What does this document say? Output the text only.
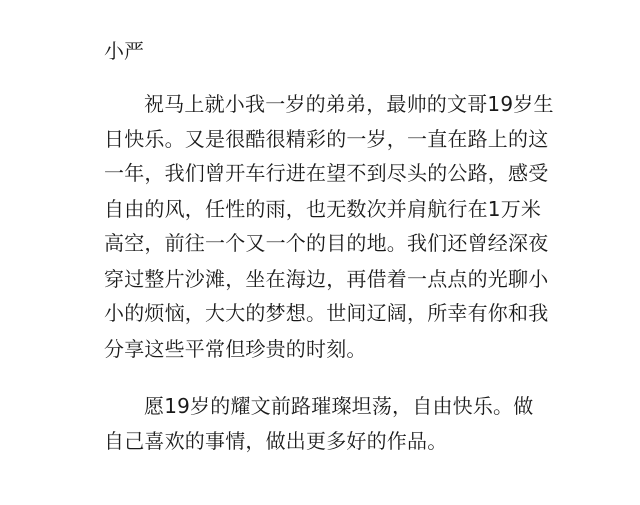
小严
祝马上就小我一岁的弟弟，最帅的文哥19岁生
日快乐。又是很酷很精彩的一岁，一直在路上的这
一年，我们曾开车行进在望不到尽头的公路，感受
自由的风，任性的雨，也无数次并肩航行在1万米
高空，前往一个又一个的目的地。我们还曾经深夜
穿过整片沙滩，坐在海边，再借着一点点的光聊小
小的烦恼，大大的梦想。世间辽阔，所幸有你和我
分享这些平常但珍贵的时刻。
愿19岁的耀文前路璀璨坦荡，自由快乐。做
自己喜欢的事情，做出更多好的作品。
